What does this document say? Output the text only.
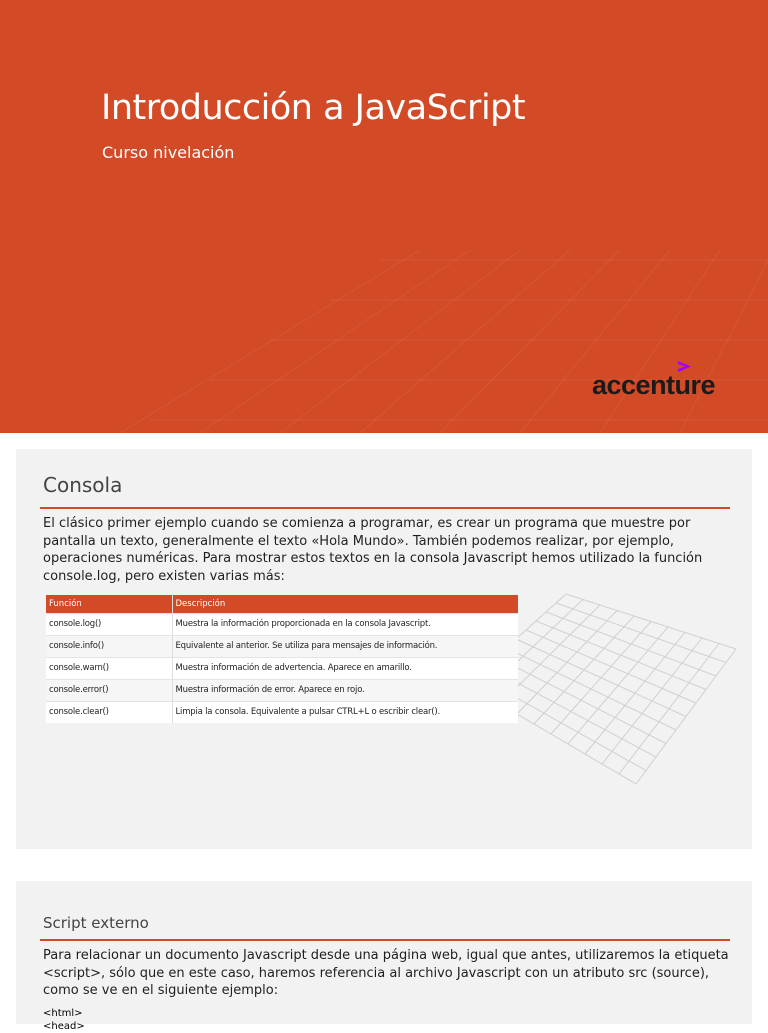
Introducción a JavaScript
Curso nivelación
accenture
Consola

El clásico primer ejemplo cuando se comienza a programar, es crear un programa que muestre por pantalla un texto, generalmente el texto «Hola Mundo». También podemos realizar, por ejemplo, operaciones numéricas. Para mostrar estos textos en la consola Javascript hemos utilizado la función console.log, pero existen varias más:

Función	Descripción
console.log()	Muestra la información proporcionada en la consola Javascript.
console.info()	Equivalente al anterior. Se utiliza para mensajes de información.
console.warn()	Muestra información de advertencia. Aparece en amarillo.
console.error()	Muestra información de error. Aparece en rojo.
console.clear()	Limpia la consola. Equivalente a pulsar CTRL+L o escribir clear().
Script externo

Para relacionar un documento Javascript desde una página web, igual que antes, utilizaremos la etiqueta <script>, sólo que en este caso, haremos referencia al archivo Javascript con un atributo src (source), como se ve en el siguiente ejemplo:

<html>
<head>
